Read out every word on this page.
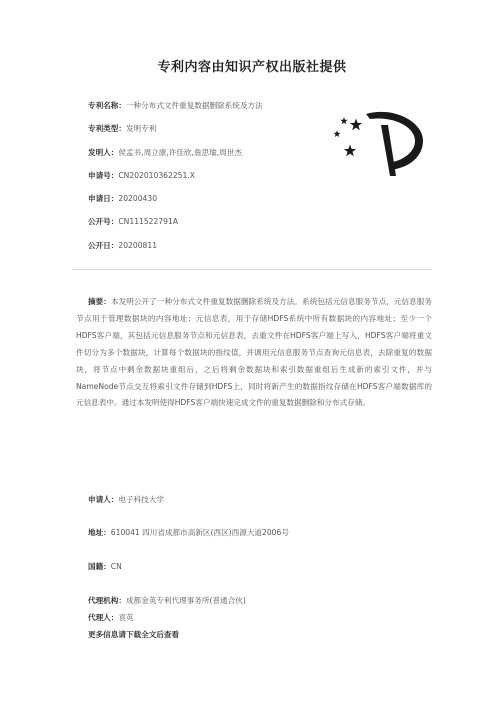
专利内容由知识产权出版社提供
专利名称：一种分布式文件重复数据删除系统及方法
专利类型：发明专利
发明人：侯孟书,周立康,许佳欣,詹思瑜,周世杰
申请号：CN202010362251.X
申请日：20200430
公开号：CN111522791A
公开日：20200811

摘要：本发明公开了一种分布式文件重复数据删除系统及方法。系统包括元信息服务节点，元信息服务节点用于管理数据块的内容地址；元信息表，用于存储HDFS系统中所有数据块的内容地址；至少一个HDFS客户端，其包括元信息服务节点和元信息表，去重文件在HDFS客户端上写入，HDFS客户端将重文件切分为多个数据块，计算每个数据块的指纹值，并调用元信息服务节点查询元信息表，去除重复的数据块，将节点中剩余数据块重组后，之后将剩余数据块和索引数据重组后生成新的索引文件，并与NameNode节点交互将索引文件存储到HDFS上，同时将新产生的数据指纹存储在HDFS客户端数据库的元信息表中。通过本发明使得HDFS客户端快速完成文件的重复数据删除和分布式存储。

申请人：电子科技大学
地址：610041 四川省成都市高新区(西区)西源大道2006号
国籍：CN
代理机构：成都金英专利代理事务所(普通合伙)
代理人：袁英
更多信息请下载全文后查看
